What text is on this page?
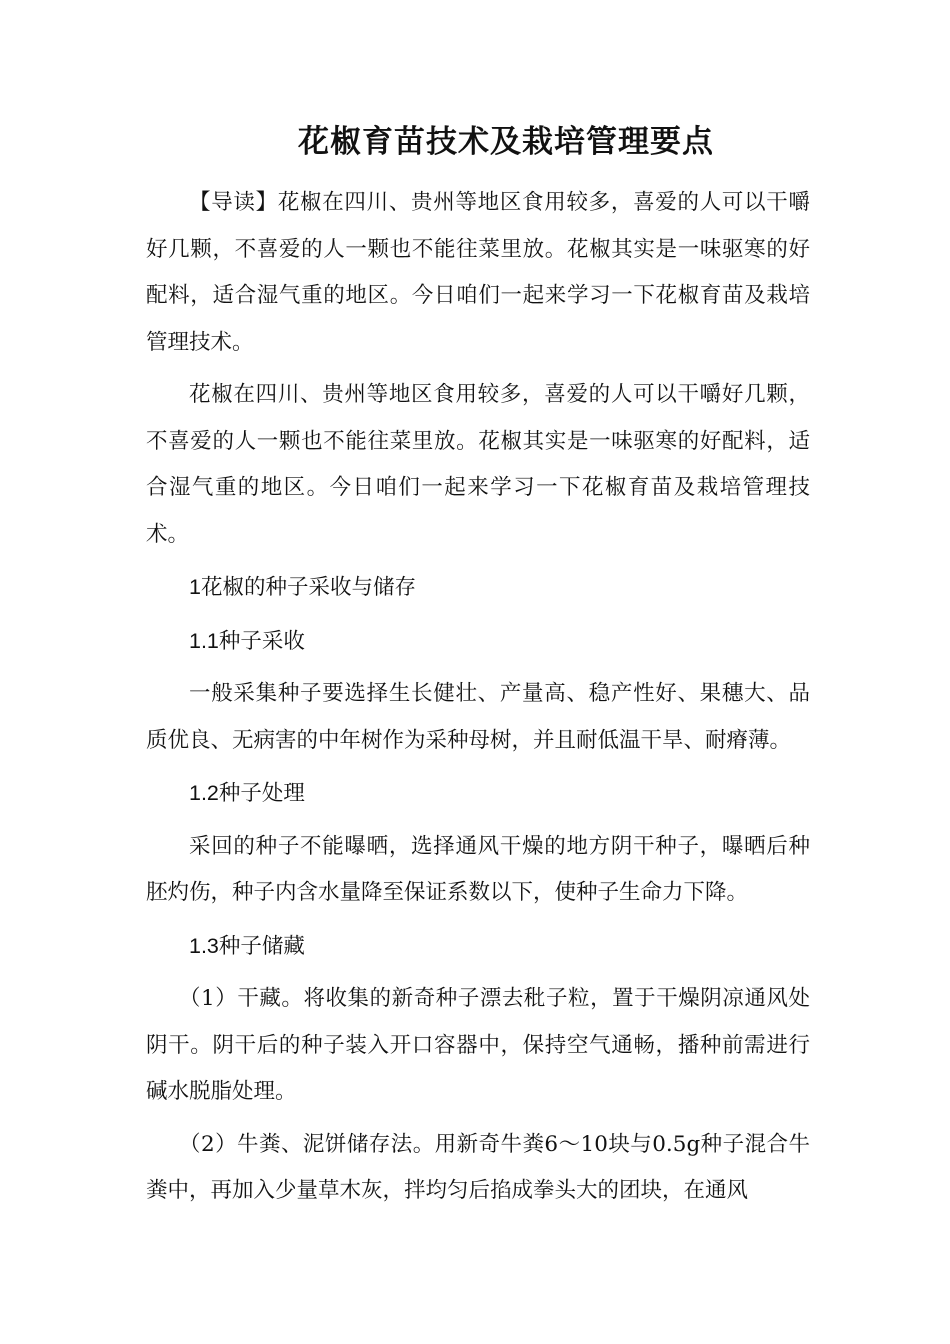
花椒育苗技术及栽培管理要点

【导读】花椒在四川、贵州等地区食用较多，喜爱的人可以干嚼好几颗，不喜爱的人一颗也不能往菜里放。花椒其实是一味驱寒的好配料，适合湿气重的地区。今日咱们一起来学习一下花椒育苗及栽培管理技术。

花椒在四川、贵州等地区食用较多，喜爱的人可以干嚼好几颗，不喜爱的人一颗也不能往菜里放。花椒其实是一味驱寒的好配料，适合湿气重的地区。今日咱们一起来学习一下花椒育苗及栽培管理技术。

1花椒的种子采收与储存

1.1种子采收

一般采集种子要选择生长健壮、产量高、稳产性好、果穗大、品质优良、无病害的中年树作为采种母树，并且耐低温干旱、耐瘠薄。

1.2种子处理

采回的种子不能曝晒，选择通风干燥的地方阴干种子，曝晒后种胚灼伤，种子内含水量降至保证系数以下，使种子生命力下降。

1.3种子储藏

（1）干藏。将收集的新奇种子漂去秕子粒，置于干燥阴凉通风处阴干。阴干后的种子装入开口容器中，保持空气通畅，播种前需进行碱水脱脂处理。

（2）牛粪、泥饼储存法。用新奇牛粪6～10块与0.5g种子混合牛粪中，再加入少量草木灰，拌均匀后掐成拳头大的团块，在通风
